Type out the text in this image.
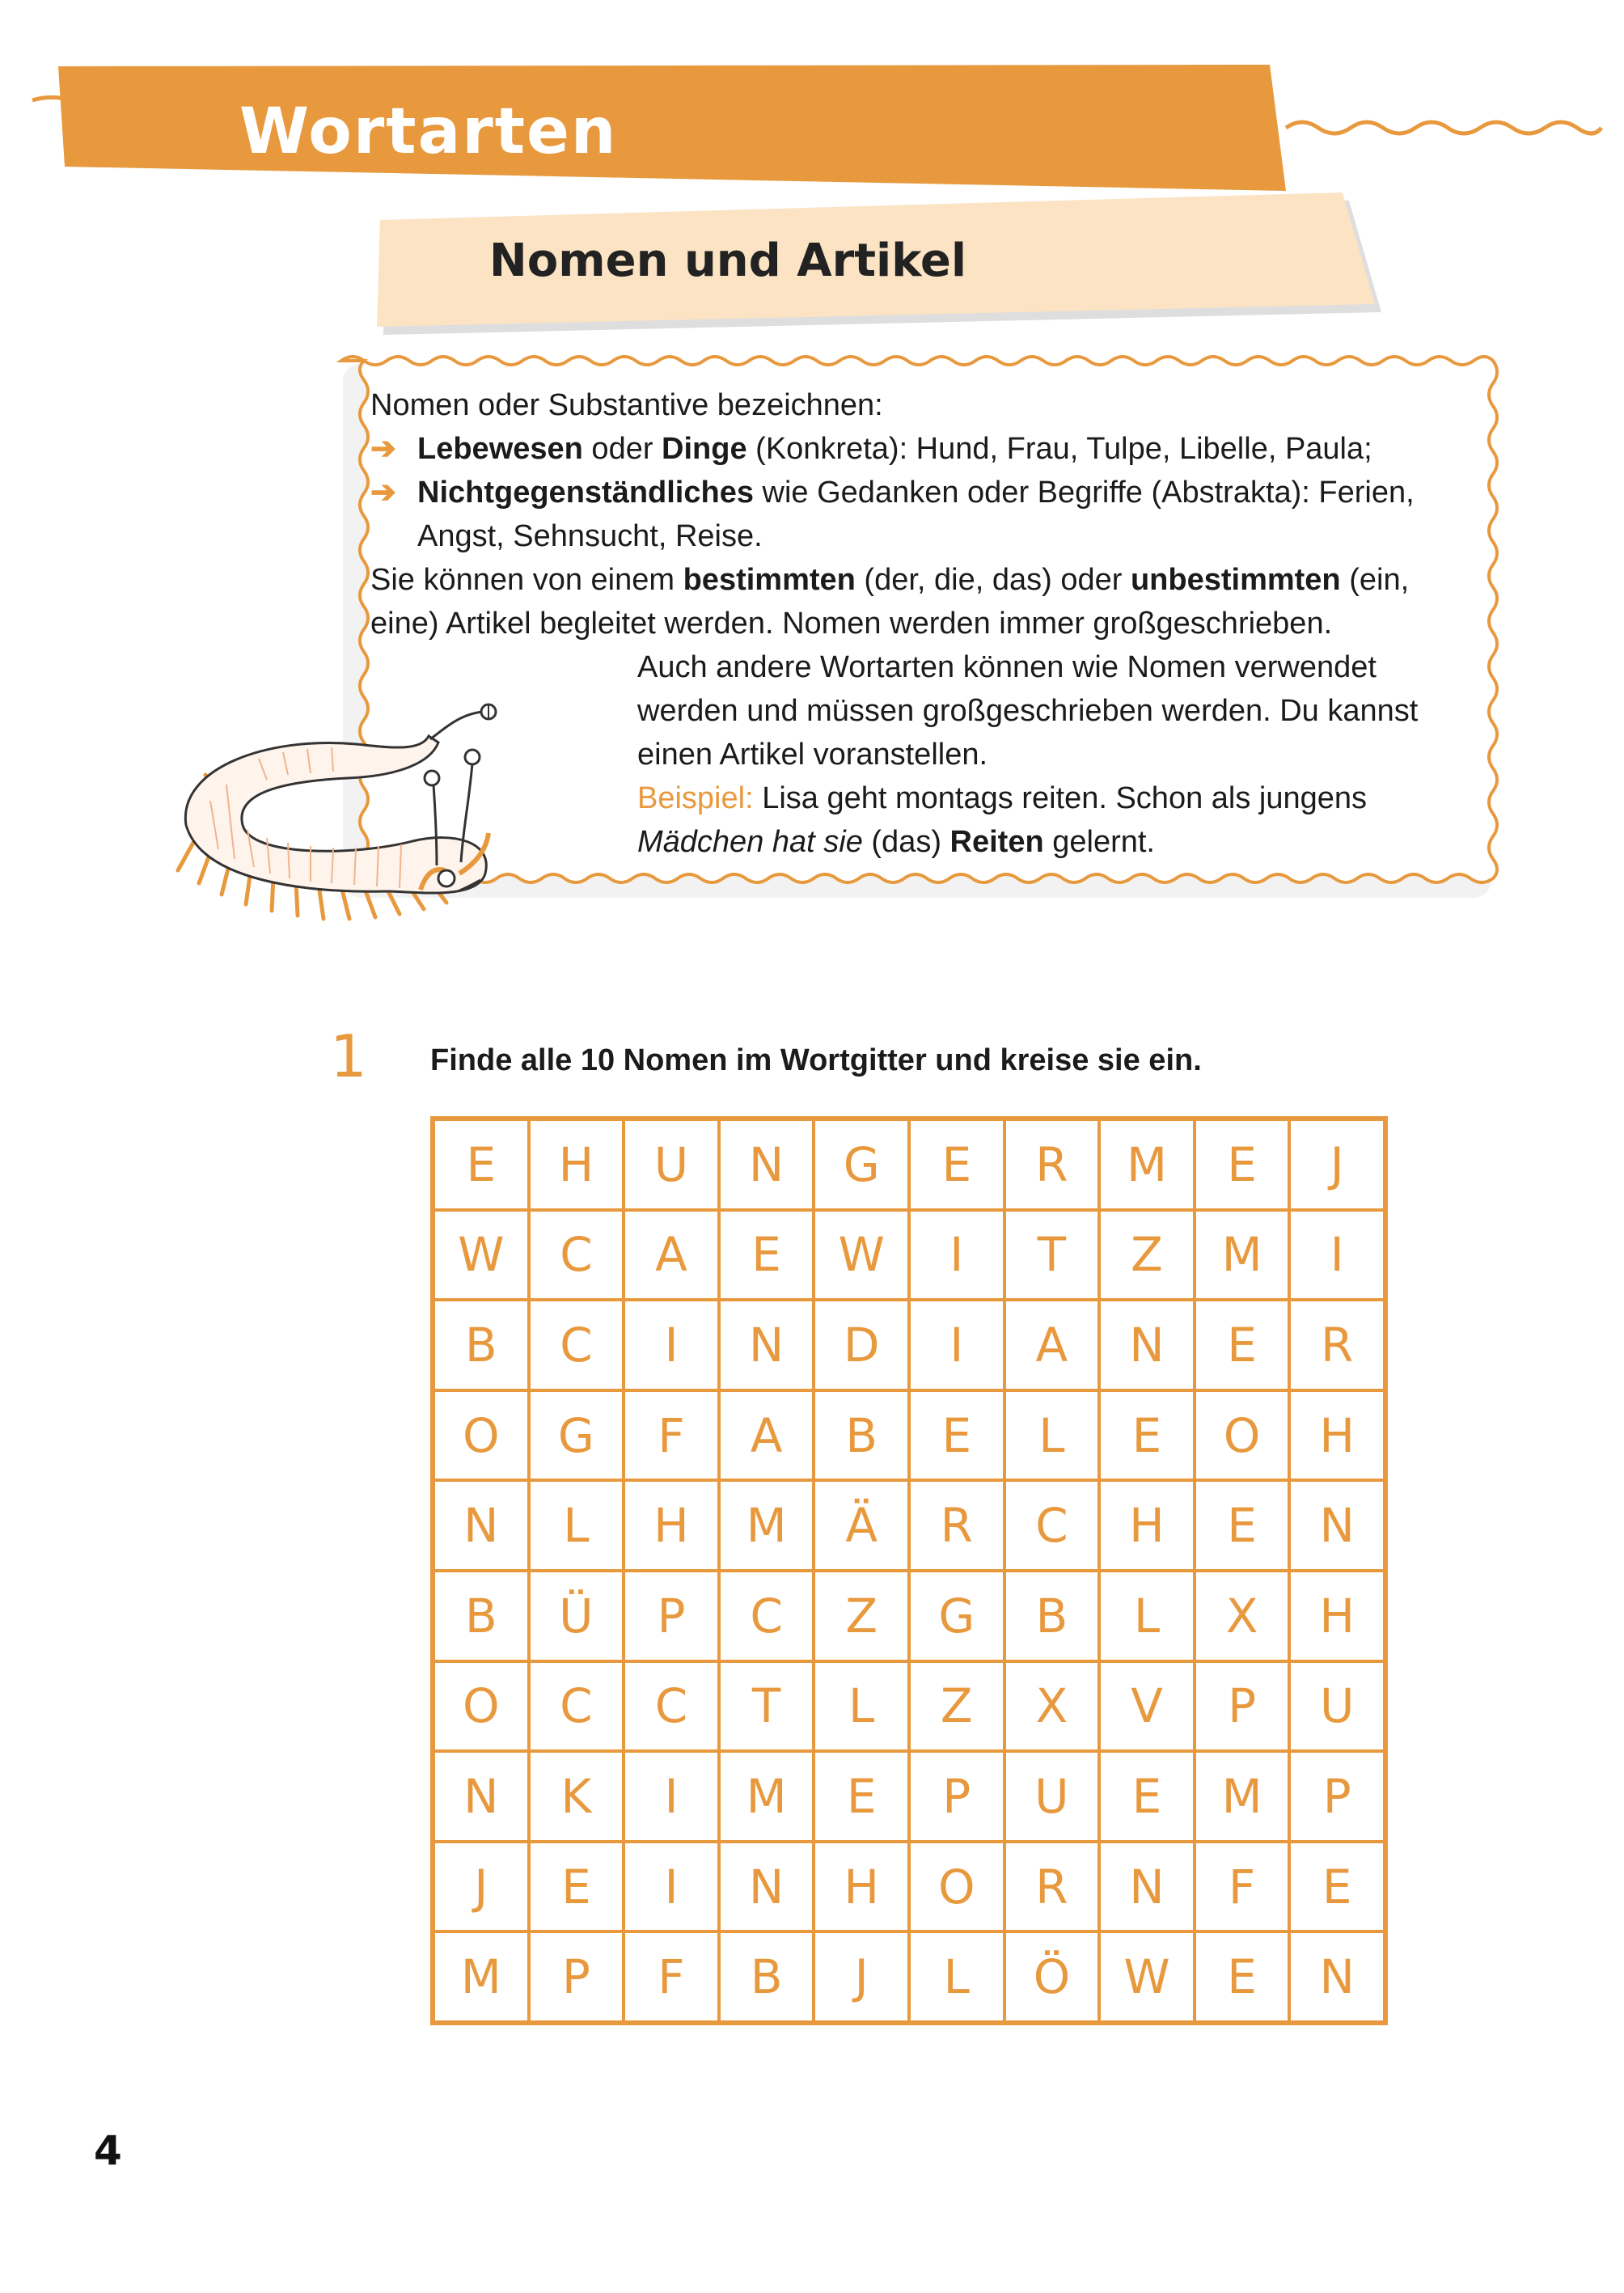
Wortarten
Nomen und Artikel
Nomen oder Substantive bezeichnen:
➔ Lebewesen oder Dinge (Konkreta): Hund, Frau, Tulpe, Libelle, Paula;
➔ Nichtgegenständliches wie Gedanken oder Begriffe (Abstrakta): Ferien,
Angst, Sehnsucht, Reise.
Sie können von einem bestimmten (der, die, das) oder unbestimmten (ein, eine) Artikel begleitet werden. Nomen werden immer großgeschrieben.
Auch andere Wortarten können wie Nomen verwendet werden und müssen großgeschrieben werden. Du kannst einen Artikel voranstellen.
Beispiel: Lisa geht montags reiten. Schon als jungens Mädchen hat sie (das) Reiten gelernt.
1 Finde alle 10 Nomen im Wortgitter und kreise sie ein.
E	H	U	N	G	E	R	M	E	J
W	C	A	E	W	I	T	Z	M	I
B	C	I	N	D	I	A	N	E	R
O	G	F	A	B	E	L	E	O	H
N	L	H	M	Ä	R	C	H	E	N
B	Ü	P	C	Z	G	B	L	X	H
O	C	C	T	L	Z	X	V	P	U
N	K	I	M	E	P	U	E	M	P
J	E	I	N	H	O	R	N	F	E
M	P	F	B	J	L	Ö	W	E	N
4
